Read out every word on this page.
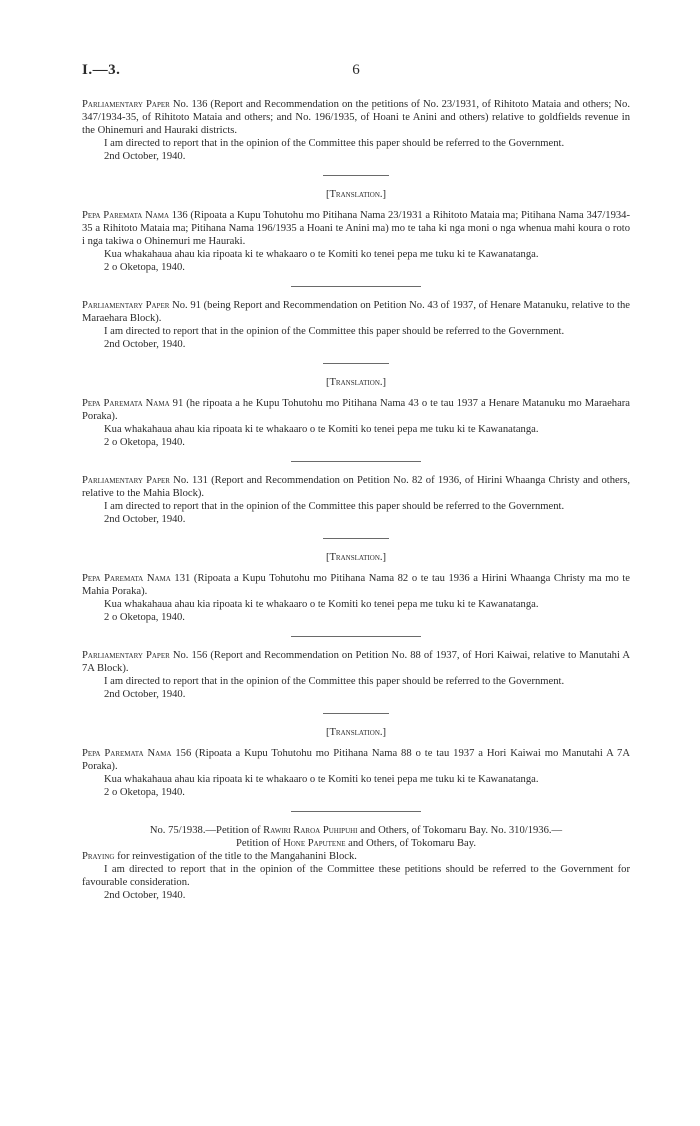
I.—3.	6

Parliamentary Paper No. 136 (Report and Recommendation on the petitions of No. 23/1931, of Rihitoto Mataia and others; No. 347/1934-35, of Rihitoto Mataia and others; and No. 196/1935, of Hoani te Anini and others) relative to goldfields revenue in the Ohinemuri and Hauraki districts.

I am directed to report that in the opinion of the Committee this paper should be referred to the Government.

2nd October, 1940.

[Translation.]

Pepa Paremata Nama 136 (Ripoata a Kupu Tohutohu mo Pitihana Nama 23/1931 a Rihitoto Mataia ma; Pitihana Nama 347/1934-35 a Rihitoto Mataia ma; Pitihana Nama 196/1935 a Hoani te Anini ma) mo te taha ki nga moni o nga whenua mahi koura o roto i nga takiwa o Ohinemuri me Hauraki.

Kua whakahaua ahau kia ripoata ki te whakaaro o te Komiti ko tenei pepa me tuku ki te Kawanatanga.

2 o Oketopa, 1940.

Parliamentary Paper No. 91 (being Report and Recommendation on Petition No. 43 of 1937, of Henare Matanuku, relative to the Maraehara Block).

I am directed to report that in the opinion of the Committee this paper should be referred to the Government.

2nd October, 1940.

[Translation.]

Pepa Paremata Nama 91 (he ripoata a he Kupu Tohutohu mo Pitihana Nama 43 o te tau 1937 a Henare Matanuku mo Maraehara Poraka).

Kua whakahaua ahau kia ripoata ki te whakaaro o te Komiti ko tenei pepa me tuku ki te Kawanatanga.

2 o Oketopa, 1940.

Parliamentary Paper No. 131 (Report and Recommendation on Petition No. 82 of 1936, of Hirini Whaanga Christy and others, relative to the Mahia Block).

I am directed to report that in the opinion of the Committee this paper should be referred to the Government.

2nd October, 1940.

[Translation.]

Pepa Paremata Nama 131 (Ripoata a Kupu Tohutohu mo Pitihana Nama 82 o te tau 1936 a Hirini Whaanga Christy ma mo te Mahia Poraka).

Kua whakahaua ahau kia ripoata ki te whakaaro o te Komiti ko tenei pepa me tuku ki te Kawanatanga.

2 o Oketopa, 1940.

Parliamentary Paper No. 156 (Report and Recommendation on Petition No. 88 of 1937, of Hori Kaiwai, relative to Manutahi A 7A Block).

I am directed to report that in the opinion of the Committee this paper should be referred to the Government.

2nd October, 1940.

[Translation.]

Pepa Paremata Nama 156 (Ripoata a Kupu Tohutohu mo Pitihana Nama 88 o te tau 1937 a Hori Kaiwai mo Manutahi A 7A Poraka).

Kua whakahaua ahau kia ripoata ki te whakaaro o te Komiti ko tenei pepa me tuku ki te Kawanatanga.

2 o Oketopa, 1940.

No. 75/1938.—Petition of Rawiri Raroa Puhipuhi and Others, of Tokomaru Bay. No. 310/1936.—
Petition of Hone Paputene and Others, of Tokomaru Bay.

Praying for reinvestigation of the title to the Mangahanini Block.

I am directed to report that in the opinion of the Committee these petitions should be referred to the Government for favourable consideration.

2nd October, 1940.
